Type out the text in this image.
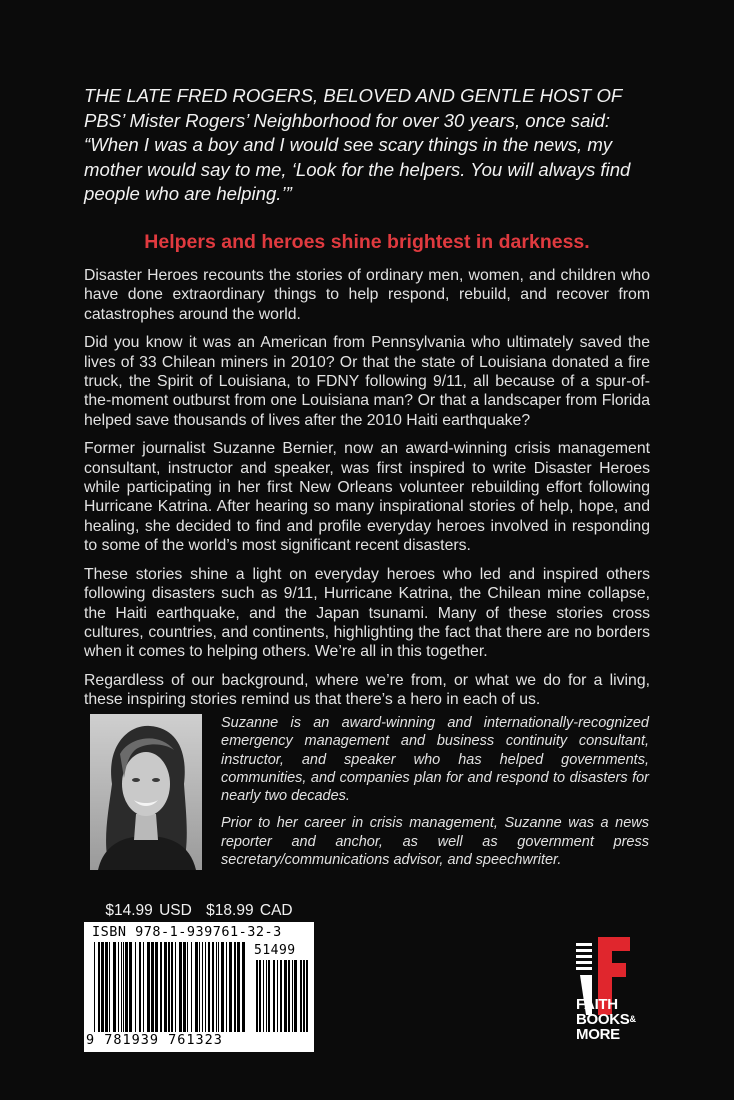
THE LATE FRED ROGERS, BELOVED AND GENTLE HOST OF PBS’ Mister Rogers’ Neighborhood for over 30 years, once said: “When I was a boy and I would see scary things in the news, my mother would say to me, ‘Look for the helpers. You will always find people who are helping.’”

Helpers and heroes shine brightest in darkness.

Disaster Heroes recounts the stories of ordinary men, women, and children who have done extraordinary things to help respond, rebuild, and recover from catastrophes around the world.

Did you know it was an American from Pennsylvania who ultimately saved the lives of 33 Chilean miners in 2010? Or that the state of Louisiana donated a fire truck, the Spirit of Louisiana, to FDNY following 9/11, all because of a spur-of-the-moment outburst from one Louisiana man? Or that a landscaper from Florida helped save thousands of lives after the 2010 Haiti earthquake?

Former journalist Suzanne Bernier, now an award-winning crisis management consultant, instructor and speaker, was first inspired to write Disaster Heroes while participating in her first New Orleans volunteer rebuilding effort following Hurricane Katrina. After hearing so many inspirational stories of help, hope, and healing, she decided to find and profile everyday heroes involved in responding to some of the world’s most significant recent disasters.

These stories shine a light on everyday heroes who led and inspired others following disasters such as 9/11, Hurricane Katrina, the Chilean mine collapse, the Haiti earthquake, and the Japan tsunami. Many of these stories cross cultures, countries, and continents, highlighting the fact that there are no borders when it comes to helping others. We’re all in this together.

Regardless of our background, where we’re from, or what we do for a living, these inspiring stories remind us that there’s a hero in each of us.

Suzanne is an award-winning and internationally-recognized emergency management and business continuity consultant, instructor, and speaker who has helped governments, communities, and companies plan for and respond to disasters for nearly two decades.

Prior to her career in crisis management, Suzanne was a news reporter and anchor, as well as government press secretary/communications advisor, and speechwriter.

$14.99 USD $18.99 CAD
ISBN 978-1-939761-32-3
51499
9 781939 761323
FAITH
BOOKS&
MORE
